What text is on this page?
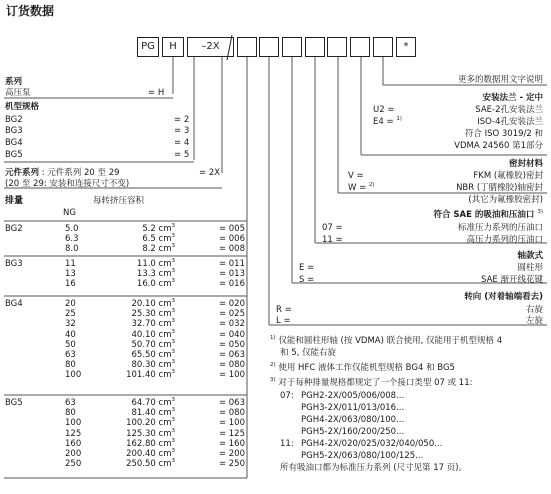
订货数据
PG	H	–2X	*
系列
高压泵	= H
机型规格
BG2	= 2
BG3	= 3
BG4	= 4
BG5	= 5
元件系列 : 元件系列 20 至 29	= 2X
(20 至 29: 安装和连接尺寸不变)
排量	每转挤压容积
NG
BG2	5.0	5.2 $cm^3$	= 005
	6.3	6.5 $cm^3$	= 006
	8.0	8.2 $cm^3$	= 008
BG3	11	11.0 $cm^3$	= 011
	13	13.3 $cm^3$	= 013
	16	16.0 $cm^3$	= 016
BG4	20	20.10 $cm^3$	= 020
	25	25.30 $cm^3$	= 025
	32	32.70 $cm^3$	= 032
	40	40.10 $cm^3$	= 040
	50	50.70 $cm^3$	= 050
	63	65.50 $cm^3$	= 063
	80	80.30 $cm^3$	= 080
	100	101.40 $cm^3$	= 100
BG5	63	64.70 $cm^3$	= 063
	80	81.40 $cm^3$	= 080
	100	100.20 $cm^3$	= 100
	125	125.30 $cm^3$	= 125
	160	162.80 $cm^3$	= 160
	200	200.40 $cm^3$	= 200
	250	250.50 $cm^3$	= 250
更多的数据用文字说明
安装法兰 - 定中
U2 =	SAE-2孔安装法兰
E4 = $^{1)}$	ISO-4孔安装法兰
符合 ISO 3019/2 和
VDMA 24560 第1部分
密封材料
V =	FKM (氟橡胶)密封
W = $^{2)}$	NBR (丁腈橡胶)轴密封
(其它为氟橡胶密封)
符合 SAE 的吸油和压油口 $^{3)}$
07 =	标准压力系列的压油口
11 =	高压力系列的压油口
轴款式
E =	圆柱形
S =	SAE 渐开线花键
转向 (对着轴端看去)
R =	右旋
L =	左旋
$^{1)}$ 仅能和圆柱形轴 (按 VDMA) 联合使用, 仅能用于机型规格 4
和 5, 仅能右旋
$^{2)}$ 使用 HFC 液体工作仅能机型规格 BG4 和 BG5
$^{3)}$ 对于每种排量规格都规定了一个接口类型 07 或 11:
07: PGH2-2X/005/006/008...
PGH3-2X/011/013/016...
PGH4-2X/063/080/100...
PGH5-2X/160/200/250...
11: PGH4-2X/020/025/032/040/050...
PGH5-2X/063/080/100/125...
所有吸油口都为标准压力系列 (尺寸见第 17 页)。
